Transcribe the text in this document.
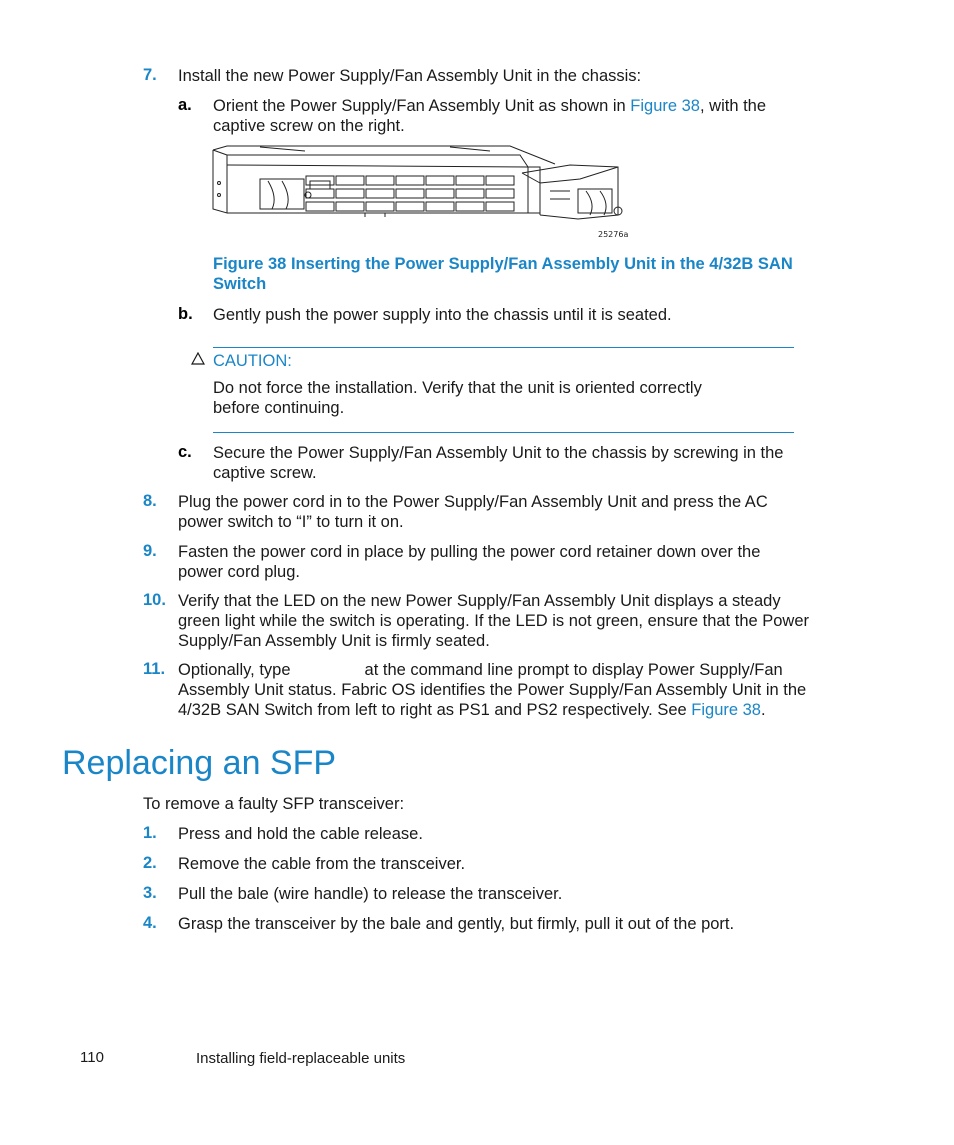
7. Install the new Power Supply/Fan Assembly Unit in the chassis:
a. Orient the Power Supply/Fan Assembly Unit as shown in Figure 38, with the captive screw on the right.
25276a
Figure 38 Inserting the Power Supply/Fan Assembly Unit in the 4/32B SAN Switch
b. Gently push the power supply into the chassis until it is seated.
CAUTION:
Do not force the installation. Verify that the unit is oriented correctly before continuing.
c. Secure the Power Supply/Fan Assembly Unit to the chassis by screwing in the captive screw.
8. Plug the power cord in to the Power Supply/Fan Assembly Unit and press the AC power switch to “I” to turn it on.
9. Fasten the power cord in place by pulling the power cord retainer down over the power cord plug.
10. Verify that the LED on the new Power Supply/Fan Assembly Unit displays a steady green light while the switch is operating. If the LED is not green, ensure that the Power Supply/Fan Assembly Unit is firmly seated.
11. Optionally, type	at the command line prompt to display Power Supply/Fan Assembly Unit status. Fabric OS identifies the Power Supply/Fan Assembly Unit in the 4/32B SAN Switch from left to right as PS1 and PS2 respectively. See Figure 38.
Replacing an SFP
To remove a faulty SFP transceiver:
1. Press and hold the cable release.
2. Remove the cable from the transceiver.
3. Pull the bale (wire handle) to release the transceiver.
4. Grasp the transceiver by the bale and gently, but firmly, pull it out of the port.
110	Installing field-replaceable units
